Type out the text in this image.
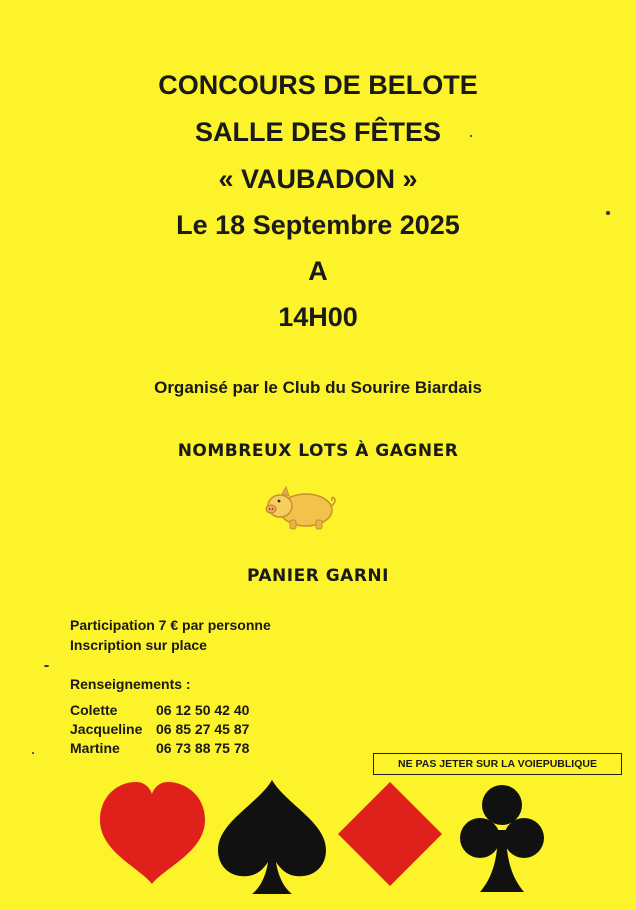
CONCOURS DE BELOTE
SALLE DES FÊTES
« VAUBADON »
Le 18 Septembre 2025
A
14H00
Organisé par le Club du Sourire Biardais
NOMBREUX LOTS À GAGNER
PANIER GARNI
Participation 7 € par personne
Inscription sur place
Renseignements :
Colette	06 12 50 42 40
Jacqueline 06 85 27 45 87
Martine	06 73 88 75 78
NE PAS JETER SUR LA VOIEPUBLIQUE
